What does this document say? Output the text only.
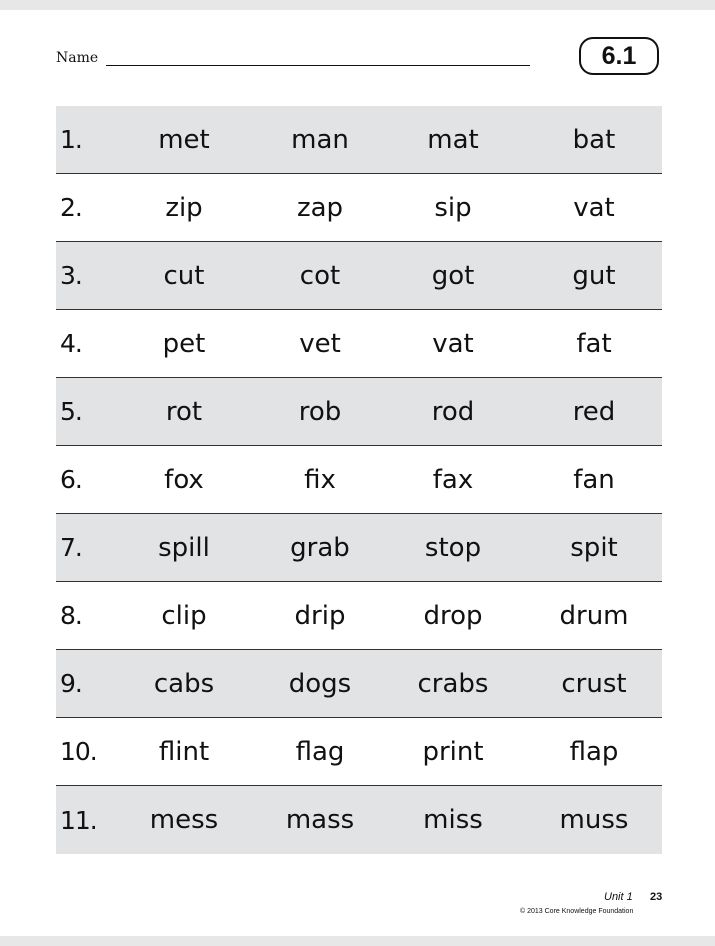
Name	6.1
1.	met	man	mat	bat
2.	zip	zap	sip	vat
3.	cut	cot	got	gut
4.	pet	vet	vat	fat
5.	rot	rob	rod	red
6.	fox	fix	fax	fan
7.	spill	grab	stop	spit
8.	clip	drip	drop	drum
9.	cabs	dogs	crabs	crust
10.	flint	flag	print	flap
11.	mess	mass	miss	muss
Unit 1 23
© 2013 Core Knowledge Foundation
